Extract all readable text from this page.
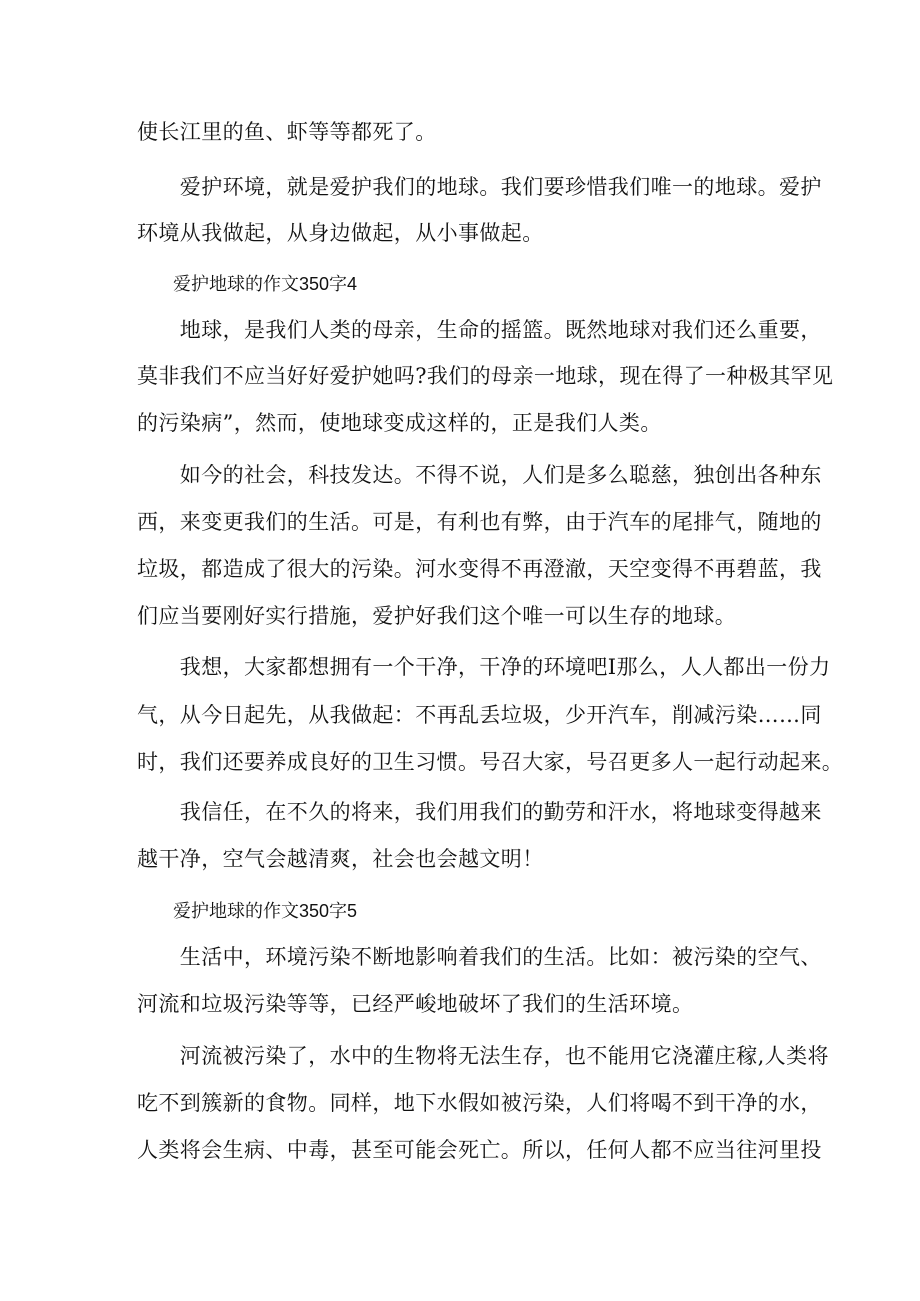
使长江里的鱼、虾等等都死了。
　　爱护环境，就是爱护我们的地球。我们要珍惜我们唯一的地球。爱护
环境从我做起，从身边做起，从小事做起。
　　爱护地球的作文350字4
　　地球，是我们人类的母亲，生命的摇篮。既然地球对我们还么重要，
莫非我们不应当好好爱护她吗?我们的母亲一地球，现在得了一种极其罕见
的污染病”，然而，使地球变成这样的，正是我们人类。
　　如今的社会，科技发达。不得不说，人们是多么聪慈，独创出各种东
西，来变更我们的生活。可是，有利也有弊，由于汽车的尾排气，随地的
垃圾，都造成了很大的污染。河水变得不再澄澈，天空变得不再碧蓝，我
们应当要刚好实行措施，爱护好我们这个唯一可以生存的地球。
　　我想，大家都想拥有一个干净，干净的环境吧I那么，人人都出一份力
气，从今日起先，从我做起：不再乱丢垃圾，少开汽车，削减污染……同
时，我们还要养成良好的卫生习惯。号召大家，号召更多人一起行动起来。
　　我信任，在不久的将来，我们用我们的勤劳和汗水，将地球变得越来
越干净，空气会越清爽，社会也会越文明！
　　爱护地球的作文350字5
　　生活中，环境污染不断地影响着我们的生活。比如：被污染的空气、
河流和垃圾污染等等，已经严峻地破坏了我们的生活环境。
　　河流被污染了，水中的生物将无法生存，也不能用它浇灌庄稼,人类将
吃不到簇新的食物。同样，地下水假如被污染，人们将喝不到干净的水，
人类将会生病、中毒，甚至可能会死亡。所以，任何人都不应当往河里投
